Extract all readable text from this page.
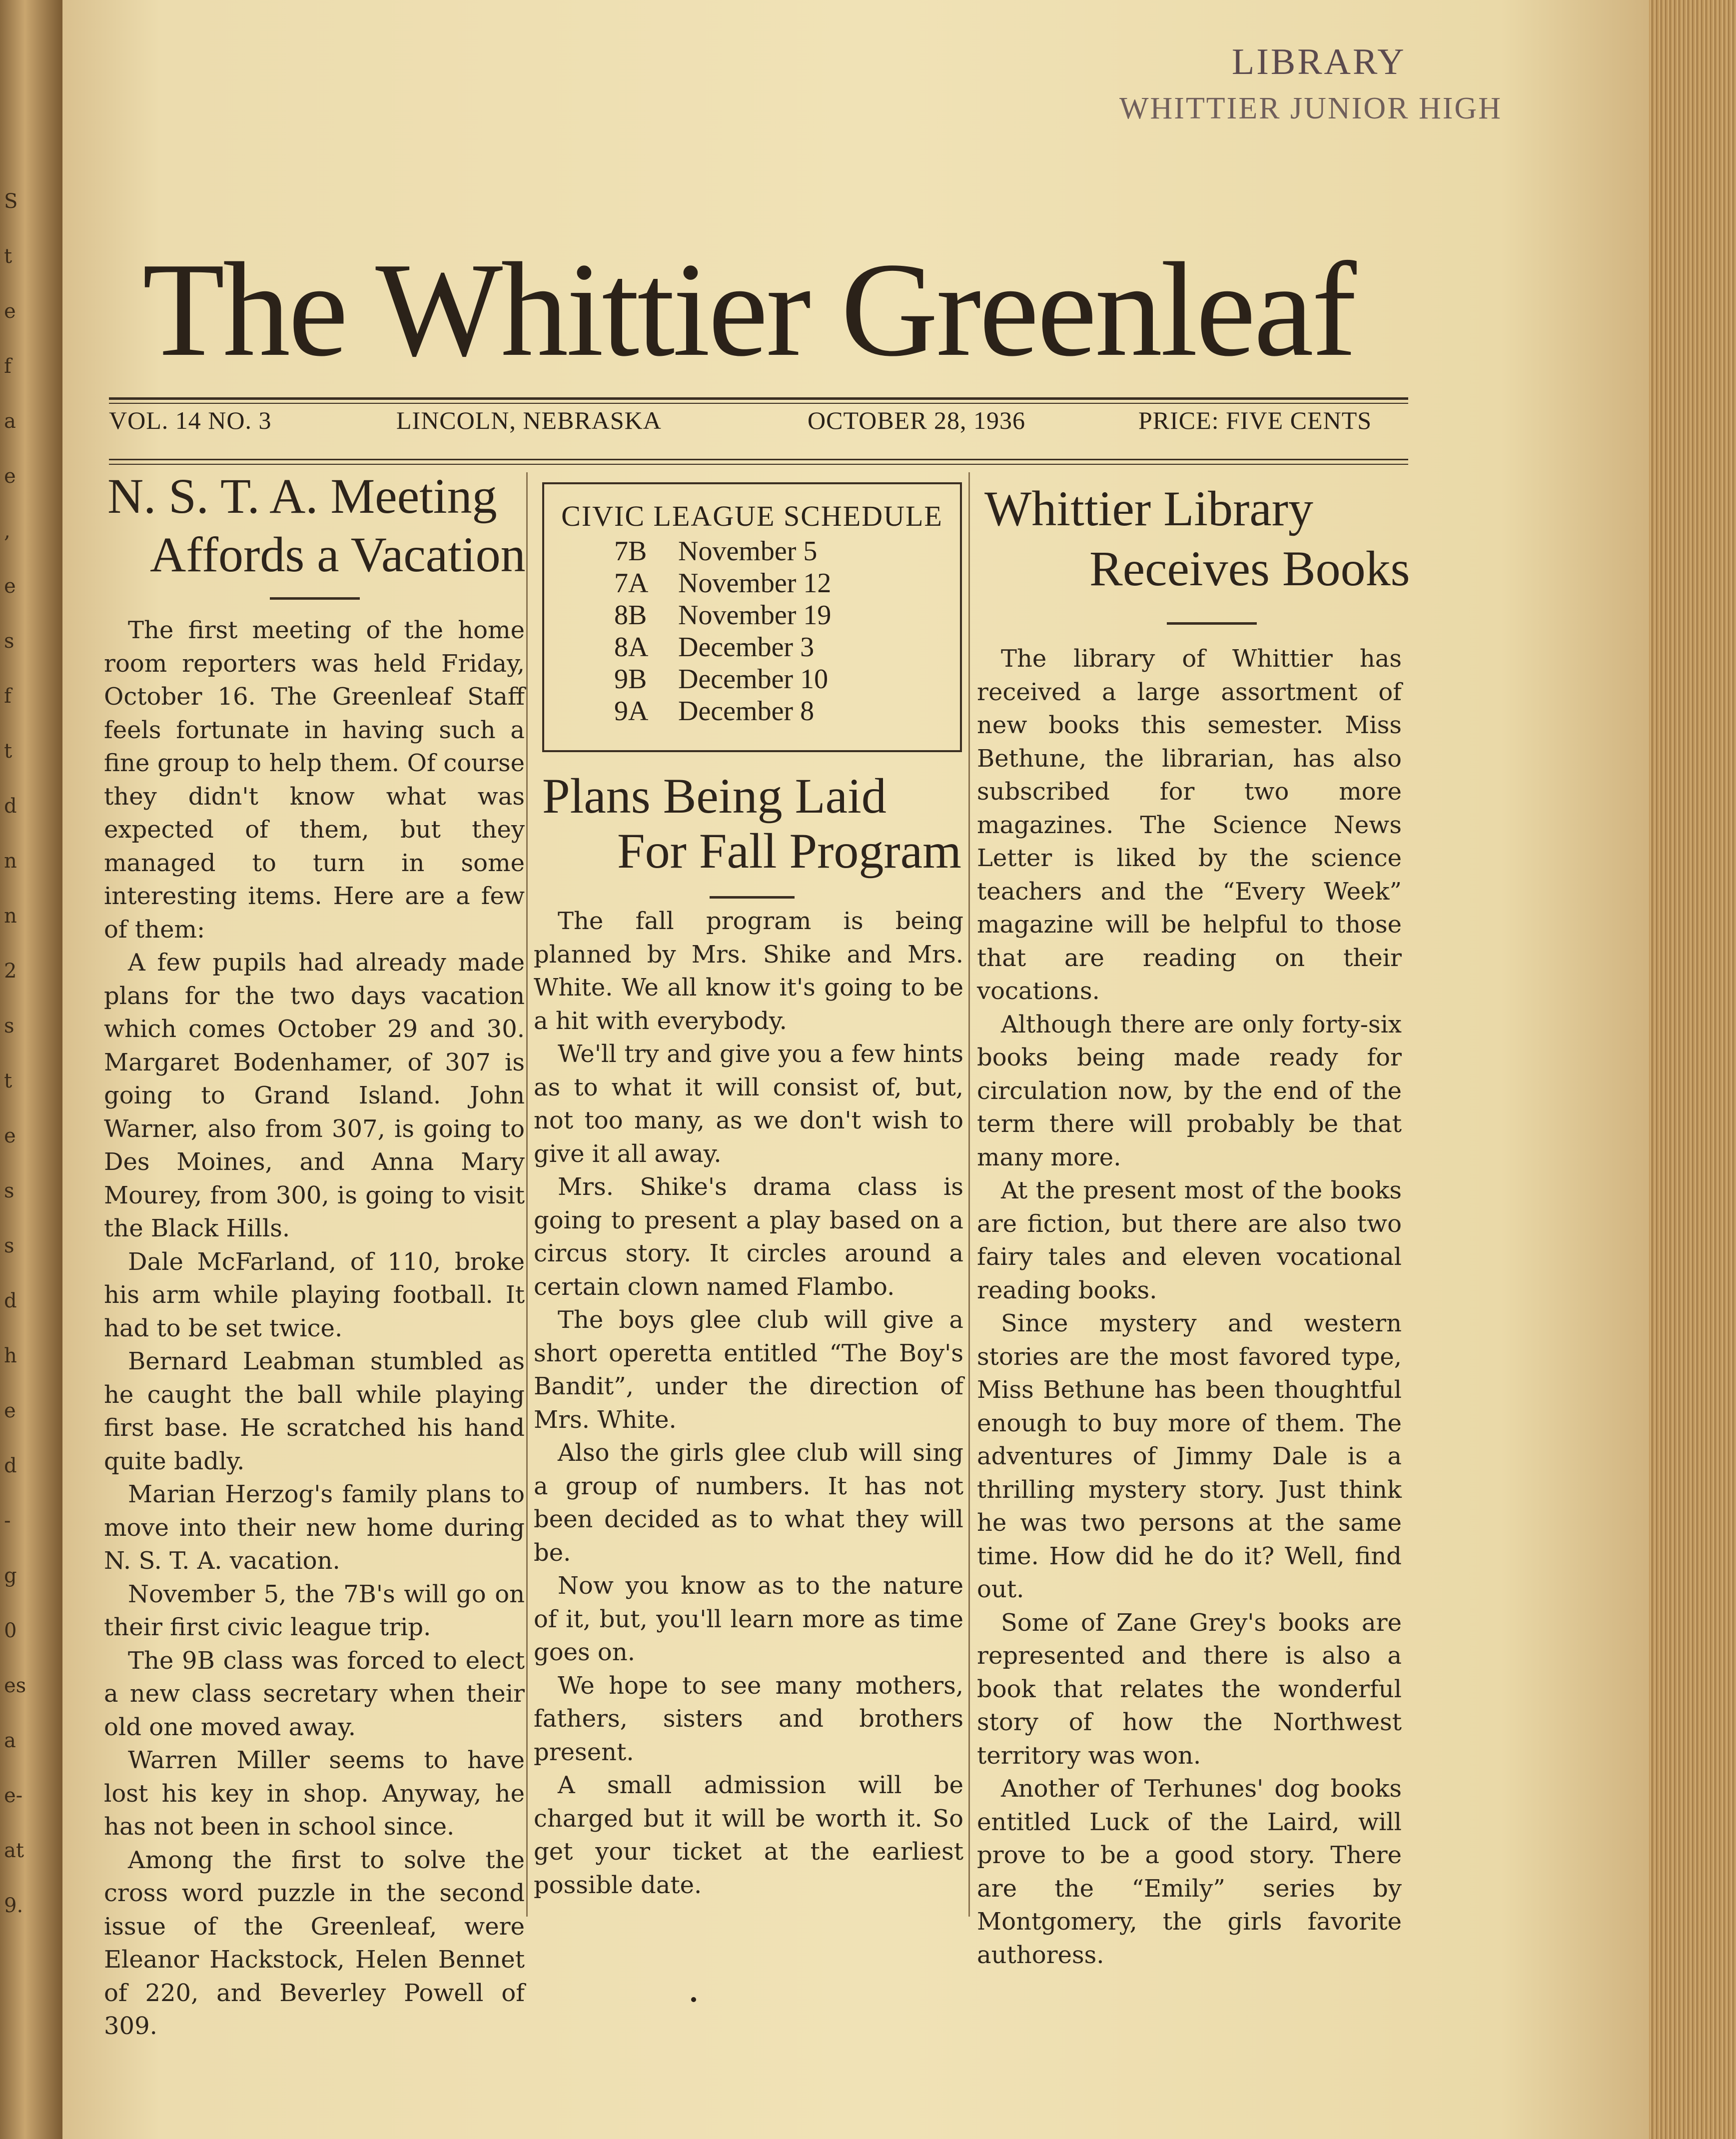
S
t
e
f
a
e
,
e
s
f
t
d
n
n
2
s
t
e
s
s
d
h
e
d
-
g
0
es
a
e-
at
9.
LIBRARY
WHITTIER JUNIOR HIGH
The Whittier Greenleaf
VOL. 14 NO. 3	LINCOLN, NEBRASKA	OCTOBER 28, 1936	PRICE: FIVE CENTS
N. S. T. A. Meeting
Affords a Vacation

The first meeting of the home room reporters was held Friday, October 16. The Greenleaf Staff feels fortunate in having such a fine group to help them. Of course they didn't know what was expected of them, but they managed to turn in some interesting items. Here are a few of them:

A few pupils had already made plans for the two days vacation which comes October 29 and 30. Margaret Bodenhamer, of 307 is going to Grand Island. John Warner, also from 307, is going to Des Moines, and Anna Mary Mourey, from 300, is going to visit the Black Hills.

Dale McFarland, of 110, broke his arm while playing football. It had to be set twice.

Bernard Leabman stumbled as he caught the ball while playing first base. He scratched his hand quite badly.

Marian Herzog's family plans to move into their new home during N. S. T. A. vacation.

November 5, the 7B's will go on their first civic league trip.

The 9B class was forced to elect a new class secretary when their old one moved away.

Warren Miller seems to have lost his key in shop. Anyway, he has not been in school since.

Among the first to solve the cross word puzzle in the second issue of the Greenleaf, were Eleanor Hackstock, Helen Bennet of 220, and Beverley Powell of 309.

CIVIC LEAGUE SCHEDULE
7B November 5
7A November 12
8B November 19
8A December 3
9B December 10
9A December 8
Plans Being Laid
For Fall Program

The fall program is being planned by Mrs. Shike and Mrs. White. We all know it's going to be a hit with everybody.

We'll try and give you a few hints as to what it will consist of, but, not too many, as we don't wish to give it all away.

Mrs. Shike's drama class is going to present a play based on a circus story. It circles around a certain clown named Flambo.

The boys glee club will give a short operetta entitled “The Boy's Bandit”, under the direction of Mrs. White.

Also the girls glee club will sing a group of numbers. It has not been decided as to what they will be.

Now you know as to the nature of it, but, you'll learn more as time goes on.

We hope to see many mothers, fathers, sisters and brothers present.

A small admission will be charged but it will be worth it. So get your ticket at the earliest possible date.

Whittier Library
Receives Books

The library of Whittier has received a large assortment of new books this semester. Miss Bethune, the librarian, has also subscribed for two more magazines. The Science News Letter is liked by the science teachers and the “Every Week” magazine will be helpful to those that are reading on their vocations.

Although there are only forty-six books being made ready for circulation now, by the end of the term there will probably be that many more.

At the present most of the books are fiction, but there are also two fairy tales and eleven vocational reading books.

Since mystery and western stories are the most favored type, Miss Bethune has been thoughtful enough to buy more of them. The adventures of Jimmy Dale is a thrilling mystery story. Just think he was two persons at the same time. How did he do it? Well, find out.

Some of Zane Grey's books are represented and there is also a book that relates the wonderful story of how the Northwest territory was won.

Another of Terhunes' dog books entitled Luck of the Laird, will prove to be a good story. There are the “Emily” series by Montgomery, the girls favorite authoress.
